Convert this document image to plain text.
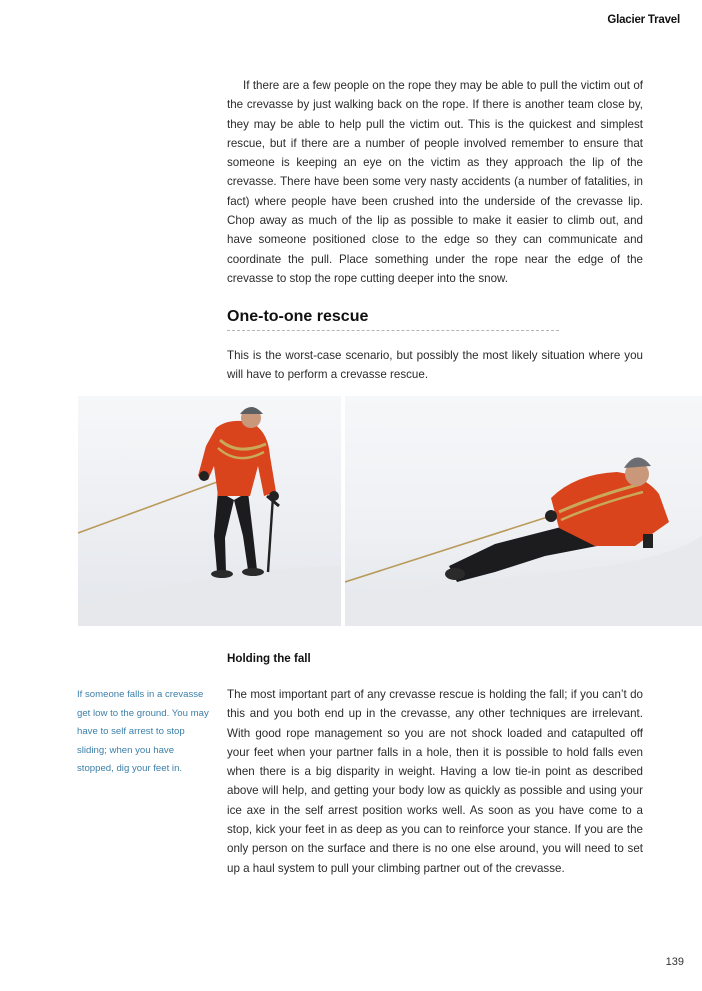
Glacier Travel

If there are a few people on the rope they may be able to pull the victim out of the crevasse by just walking back on the rope. If there is another team close by, they may be able to help pull the victim out. This is the quickest and simplest rescue, but if there are a number of people involved remember to ensure that someone is keeping an eye on the victim as they approach the lip of the crevasse. There have been some very nasty accidents (a number of fatalities, in fact) where people have been crushed into the underside of the crevasse lip. Chop away as much of the lip as possible to make it easier to climb out, and have someone positioned close to the edge so they can communicate and coordinate the pull. Place something under the rope near the edge of the crevasse to stop the rope cutting deeper into the snow.

One-to-one rescue

This is the worst-case scenario, but possibly the most likely situation where you will have to perform a crevasse rescue.

Holding the fall

If someone falls in a crevasse get low to the ground. You may have to self arrest to stop sliding; when you have stopped, dig your feet in.

The most important part of any crevasse rescue is holding the fall; if you can’t do this and you both end up in the crevasse, any other techniques are irrelevant. With good rope management so you are not shock loaded and catapulted off your feet when your partner falls in a hole, then it is possible to hold falls even when there is a big disparity in weight. Having a low tie-in point as described above will help, and getting your body low as quickly as possible and using your ice axe in the self arrest position works well. As soon as you have come to a stop, kick your feet in as deep as you can to reinforce your stance. If you are the only person on the surface and there is no one else around, you will need to set up a haul system to pull your climbing partner out of the crevasse.

139
